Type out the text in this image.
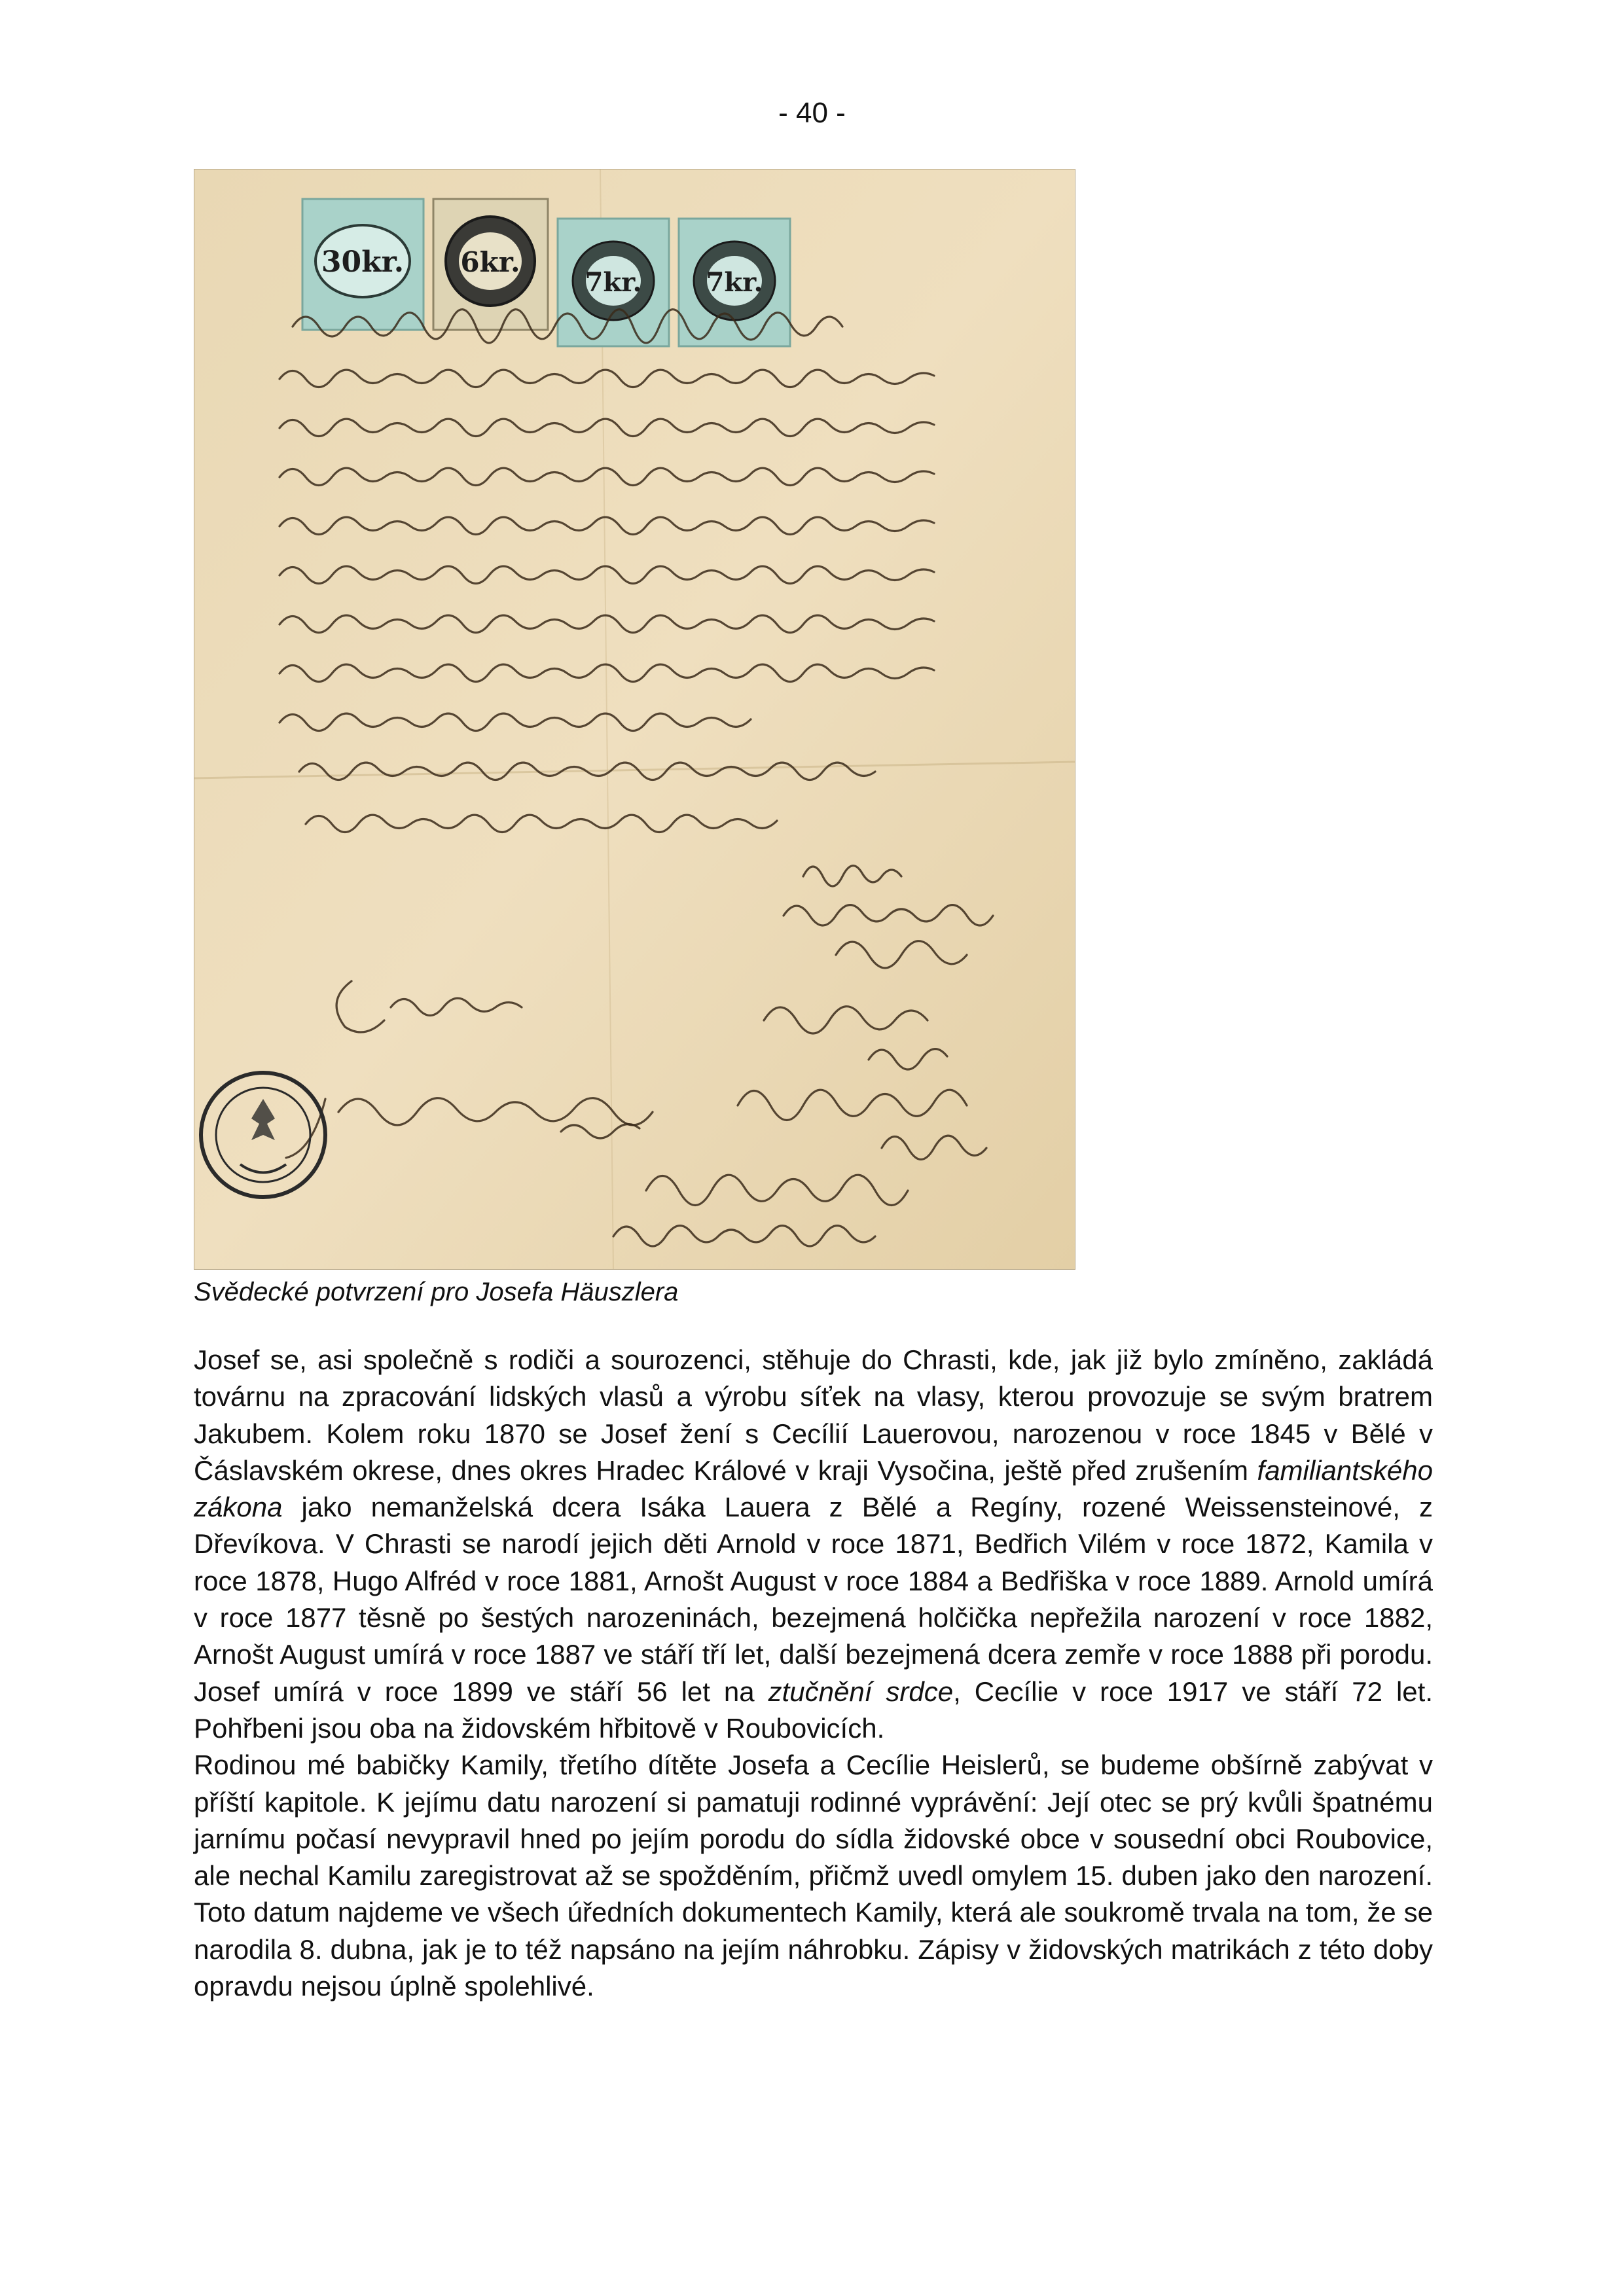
- 40 -
30kr. 6kr.
7kr. 7kr.
Svědecké potvrzení pro Josefa Häuszlera

Josef se, asi společně s rodiči a sourozenci, stěhuje do Chrasti, kde, jak již bylo zmíněno, zakládá továrnu na zpracování lidských vlasů a výrobu síťek na vlasy, kterou provozuje se svým bratrem Jakubem. Kolem roku 1870 se Josef žení s Cecílií Lauerovou, narozenou v roce 1845 v Bělé v Čáslavském okrese, dnes okres Hradec Králové v kraji Vysočina, ještě před zrušením familiantského zákona jako nemanželská dcera Isáka Lauera z Bělé a Regíny, rozené Weissensteinové, z Dřevíkova. V Chrasti se narodí jejich děti Arnold v roce 1871, Bedřich Vilém v roce 1872, Kamila v roce 1878, Hugo Alfréd v roce 1881, Arnošt August v roce 1884 a Bedřiška v roce 1889. Arnold umírá v roce 1877 těsně po šestých narozeninách, bezejmená holčička nepřežila narození v roce 1882, Arnošt August umírá v roce 1887 ve stáří tří let, další bezejmená dcera zemře v roce 1888 při porodu. Josef umírá v roce 1899 ve stáří 56 let na ztučnění srdce, Cecílie v roce 1917 ve stáří 72 let. Pohřbeni jsou oba na židovském hřbitově v Roubovicích.

Rodinou mé babičky Kamily, třetího dítěte Josefa a Cecílie Heislerů, se budeme obšírně zabývat v příští kapitole. K jejímu datu narození si pamatuji rodinné vyprávění: Její otec se prý kvůli špatnému jarnímu počasí nevypravil hned po jejím porodu do sídla židovské obce v sousední obci Roubovice, ale nechal Kamilu zaregistrovat až se spožděním, přičmž uvedl omylem 15. duben jako den narození. Toto datum najdeme ve všech úředních dokumentech Kamily, která ale soukromě trvala na tom, že se narodila 8. dubna, jak je to též napsáno na jejím náhrobku. Zápisy v židovských matrikách z této doby opravdu nejsou úplně spolehlivé.
